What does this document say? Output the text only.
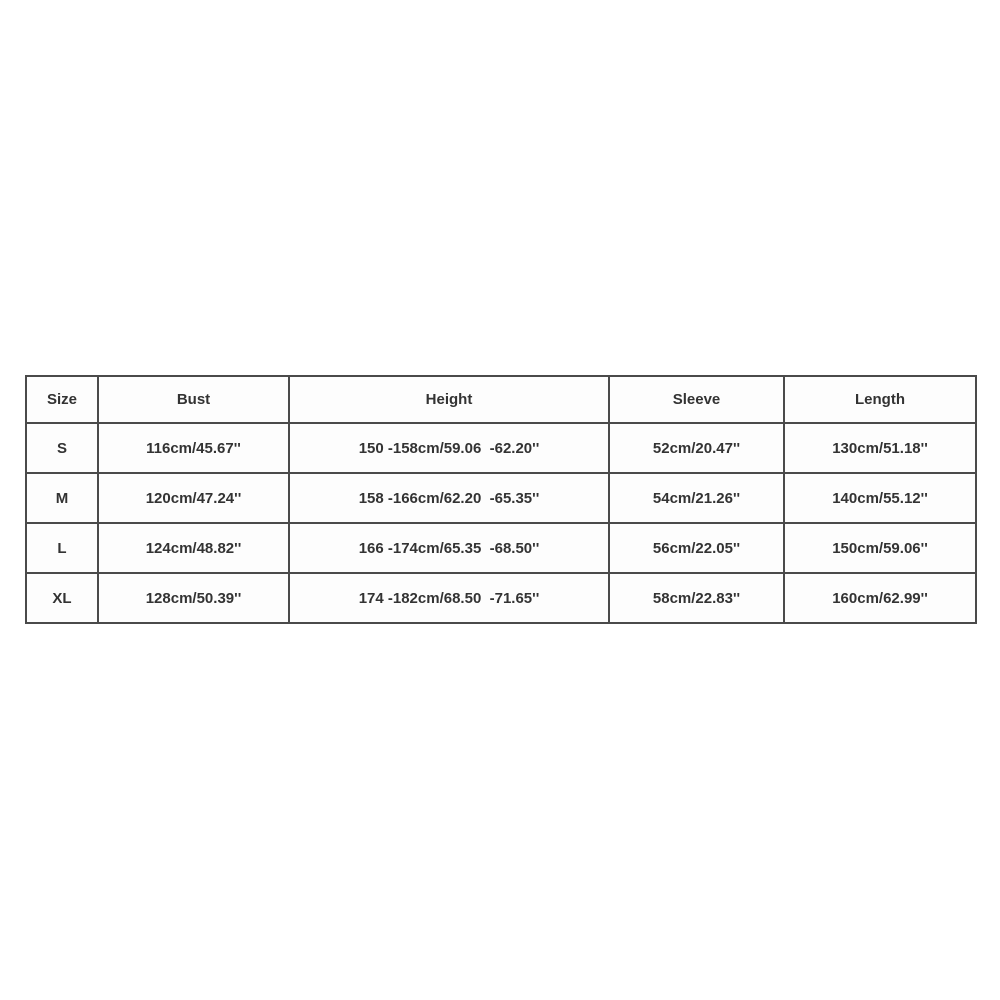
Size	Bust	Height	Sleeve	Length
S	116cm/45.67''	150 -158cm/59.06  -62.20''	52cm/20.47''	130cm/51.18''
M	120cm/47.24''	158 -166cm/62.20  -65.35''	54cm/21.26''	140cm/55.12''
L	124cm/48.82''	166 -174cm/65.35  -68.50''	56cm/22.05''	150cm/59.06''
XL	128cm/50.39''	174 -182cm/68.50  -71.65''	58cm/22.83''	160cm/62.99''
